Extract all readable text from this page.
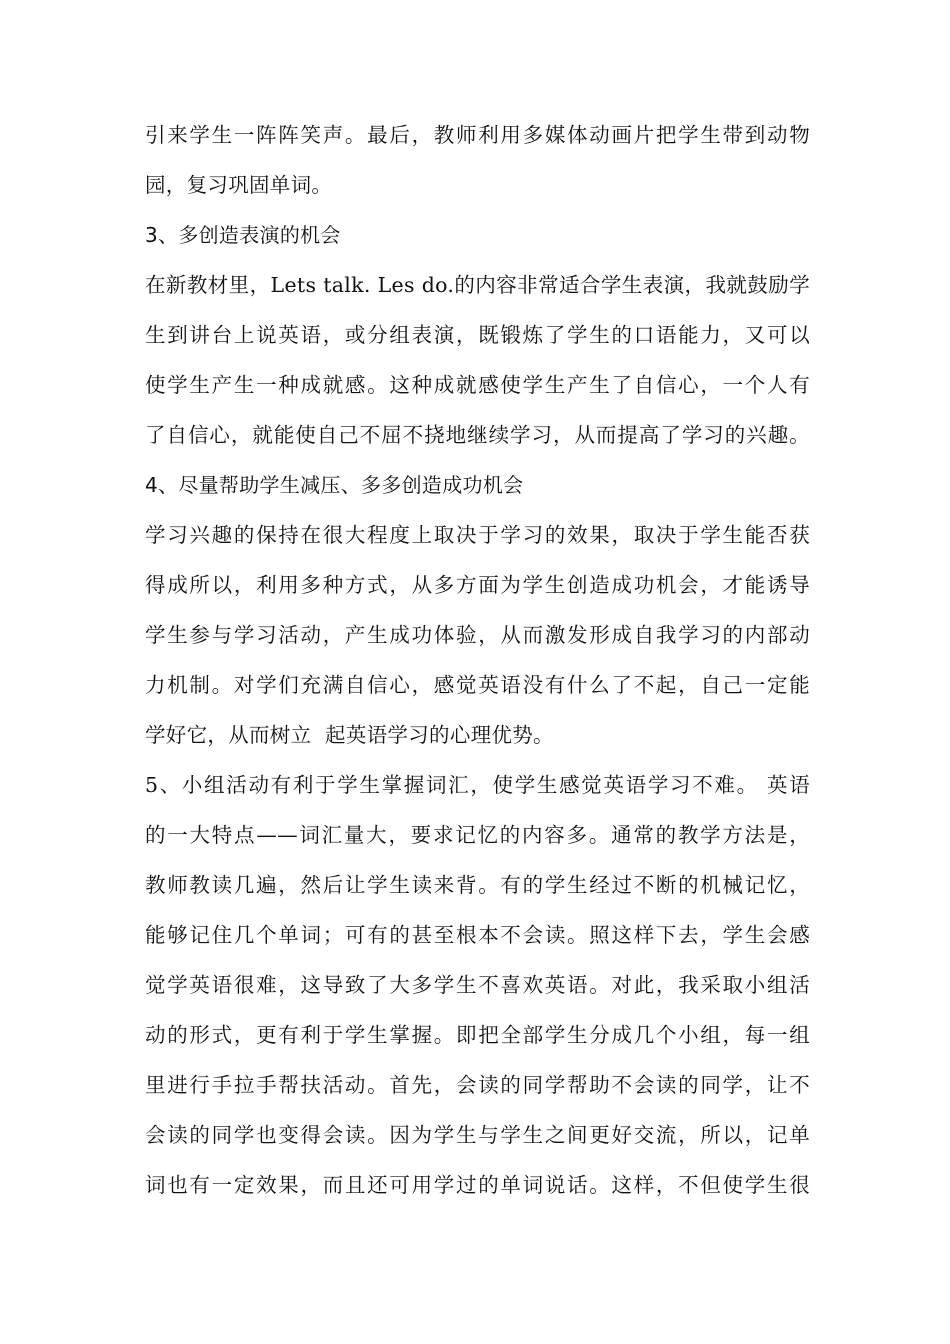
引来学生一阵阵笑声。最后，教师利用多媒体动画片把学生带到动物
园，复习巩固单词。
3、多创造表演的机会
在新教材里，Lets talk. Les do.的内容非常适合学生表演，我就鼓励学
生到讲台上说英语，或分组表演，既锻炼了学生的口语能力，又可以
使学生产生一种成就感。这种成就感使学生产生了自信心，一个人有
了自信心，就能使自己不屈不挠地继续学习，从而提高了学习的兴趣。
4、尽量帮助学生减压、多多创造成功机会
学习兴趣的保持在很大程度上取决于学习的效果，取决于学生能否获
得成所以，利用多种方式，从多方面为学生创造成功机会，才能诱导
学生参与学习活动，产生成功体验，从而激发形成自我学习的内部动
力机制。对学们充满自信心，感觉英语没有什么了不起，自己一定能
学好它，从而树立  起英语学习的心理优势。
5、小组活动有利于学生掌握词汇，使学生感觉英语学习不难。 英语
的一大特点——词汇量大，要求记忆的内容多。通常的教学方法是，
教师教读几遍，然后让学生读来背。有的学生经过不断的机械记忆，
能够记住几个单词；可有的甚至根本不会读。照这样下去，学生会感
觉学英语很难，这导致了大多学生不喜欢英语。对此，我采取小组活
动的形式，更有利于学生掌握。即把全部学生分成几个小组，每一组
里进行手拉手帮扶活动。首先，会读的同学帮助不会读的同学，让不
会读的同学也变得会读。因为学生与学生之间更好交流，所以，记单
词也有一定效果，而且还可用学过的单词说话。这样，不但使学生很
